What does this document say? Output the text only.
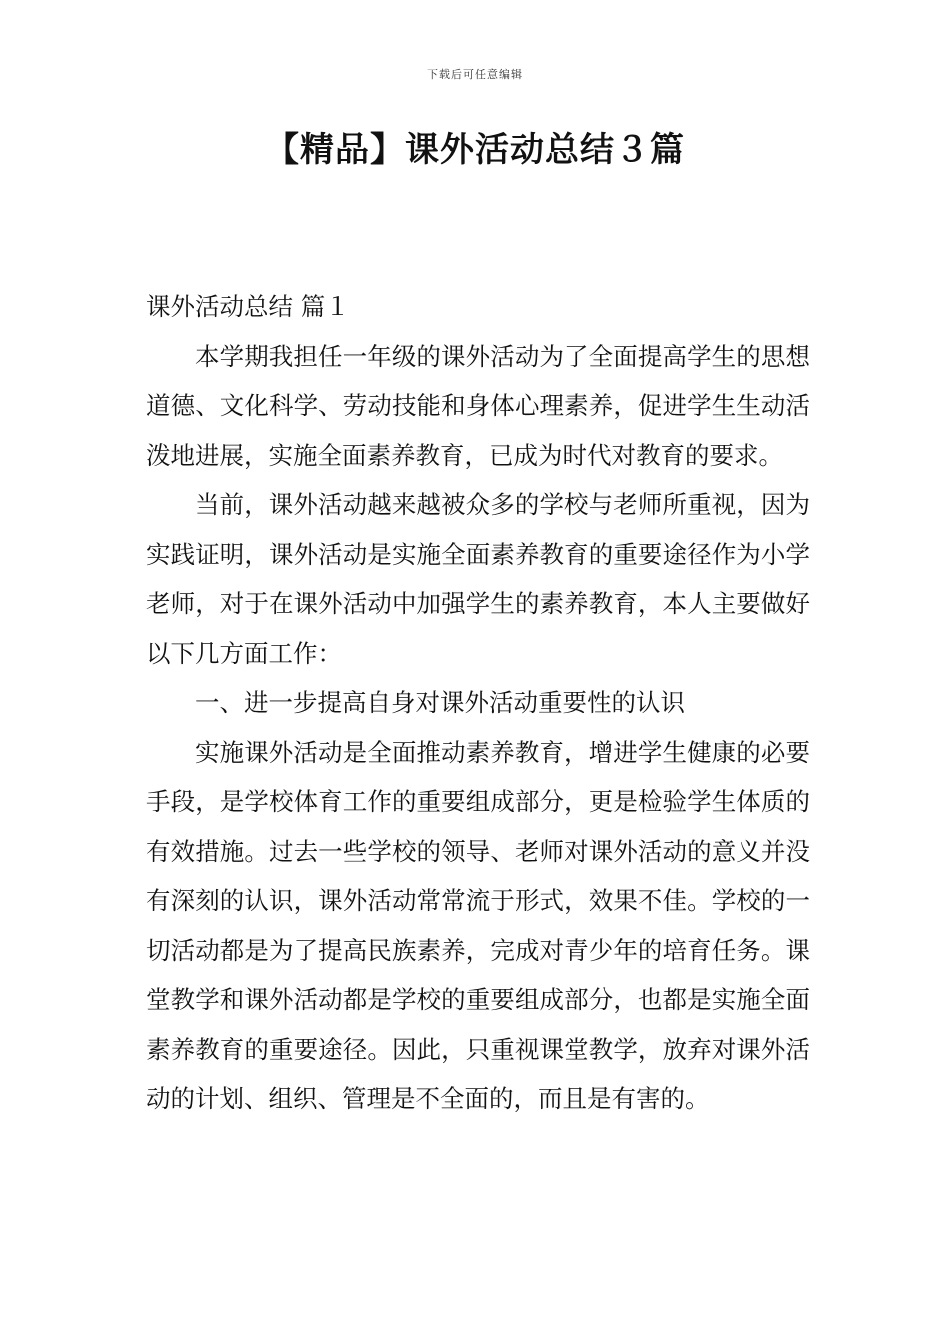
下载后可任意编辑
【精品】课外活动总结３篇

课外活动总结 篇１

本学期我担任一年级的课外活动为了全面提高学生的思想道德、文化科学、劳动技能和身体心理素养，促进学生生动活泼地进展，实施全面素养教育，已成为时代对教育的要求。

当前，课外活动越来越被众多的学校与老师所重视，因为实践证明，课外活动是实施全面素养教育的重要途径作为小学老师，对于在课外活动中加强学生的素养教育，本人主要做好以下几方面工作：

一、进一步提高自身对课外活动重要性的认识

实施课外活动是全面推动素养教育，增进学生健康的必要手段，是学校体育工作的重要组成部分，更是检验学生体质的有效措施。过去一些学校的领导、老师对课外活动的意义并没有深刻的认识，课外活动常常流于形式，效果不佳。学校的一切活动都是为了提高民族素养，完成对青少年的培育任务。课堂教学和课外活动都是学校的重要组成部分，也都是实施全面素养教育的重要途径。因此，只重视课堂教学，放弃对课外活动的计划、组织、管理是不全面的，而且是有害的。
